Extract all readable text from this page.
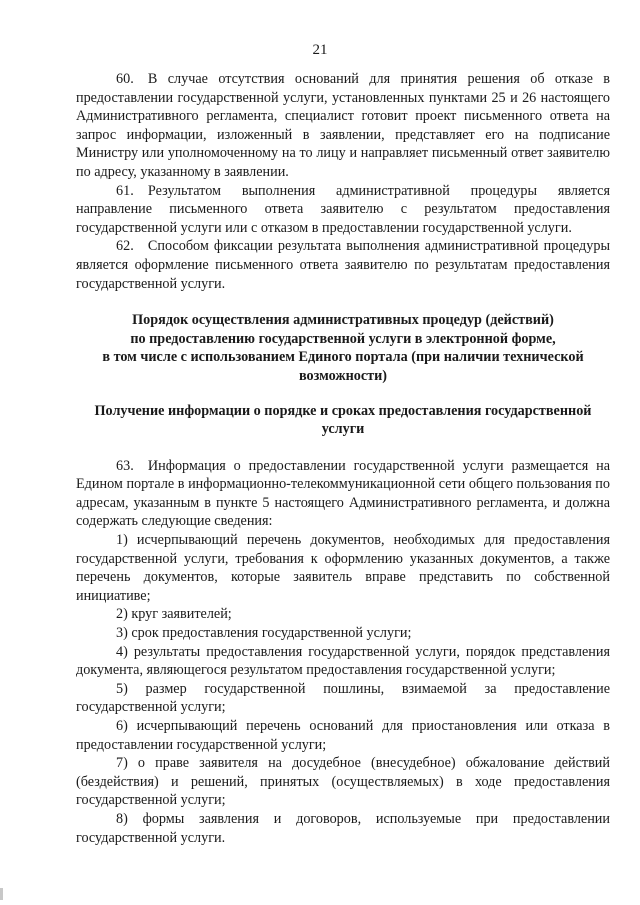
21

60. В случае отсутствия оснований для принятия решения об отказе в предоставлении государственной услуги, установленных пунктами 25 и 26 настоящего Административного регламента, специалист готовит проект письменного ответа на запрос информации, изложенный в заявлении, представляет его на подписание Министру или уполномоченному на то лицу и направляет письменный ответ заявителю по адресу, указанному в заявлении.

61. Результатом выполнения административной процедуры является направление письменного ответа заявителю с результатом предоставления государственной услуги или с отказом в предоставлении государственной услуги.

62. Способом фиксации результата выполнения административной процедуры является оформление письменного ответа заявителю по результатам предоставления государственной услуги.

Порядок осуществления административных процедур (действий)
по предоставлению государственной услуги в электронной форме,
в том числе с использованием Единого портала (при наличии технической возможности)
Получение информации о порядке и сроках предоставления государственной услуги

63. Информация о предоставлении государственной услуги размещается на Едином портале в информационно-телекоммуникационной сети общего пользования по адресам, указанным в пункте 5 настоящего Административного регламента, и должна содержать следующие сведения:

1) исчерпывающий перечень документов, необходимых для предоставления государственной услуги, требования к оформлению указанных документов, а также перечень документов, которые заявитель вправе представить по собственной инициативе;

2) круг заявителей;

3) срок предоставления государственной услуги;

4) результаты предоставления государственной услуги, порядок представления документа, являющегося результатом предоставления государственной услуги;

5) размер государственной пошлины, взимаемой за предоставление государственной услуги;

6) исчерпывающий перечень оснований для приостановления или отказа в предоставлении государственной услуги;

7) о праве заявителя на досудебное (внесудебное) обжалование действий (бездействия) и решений, принятых (осуществляемых) в ходе предоставления государственной услуги;

8) формы заявления и договоров, используемые при предоставлении государственной услуги.
